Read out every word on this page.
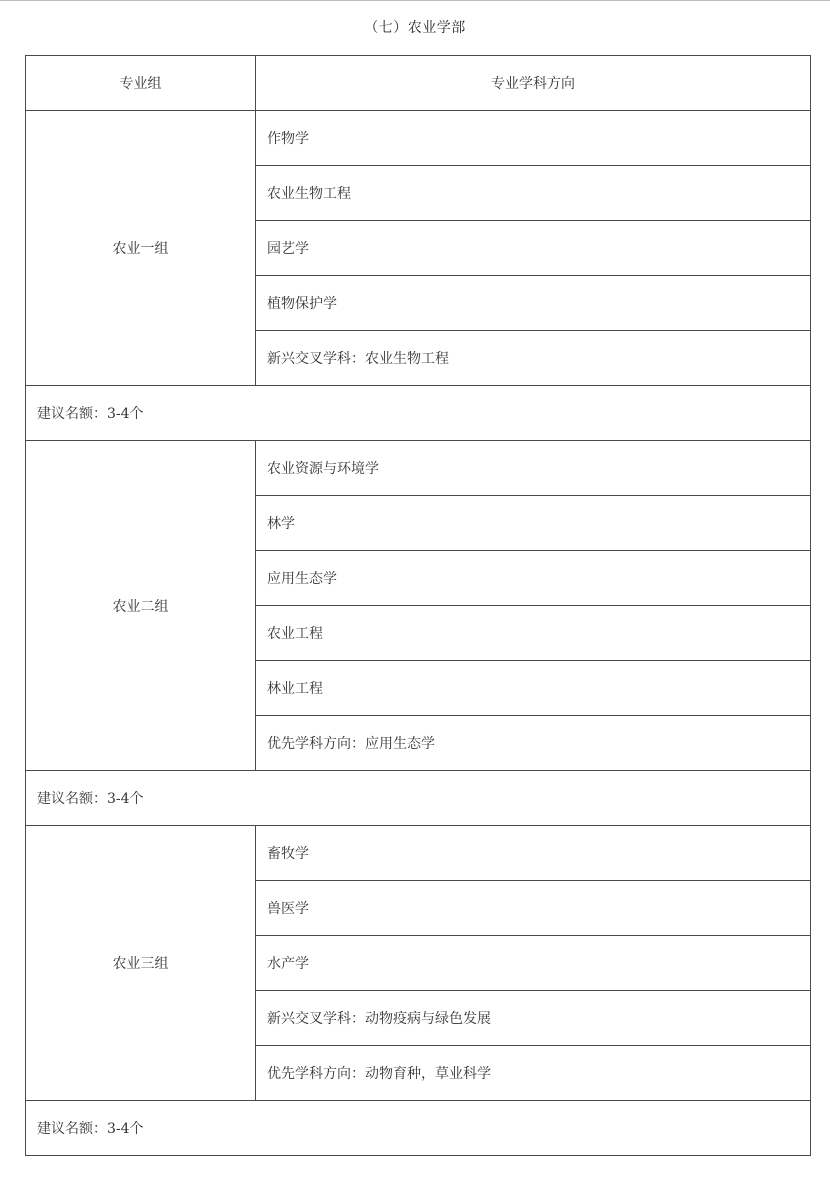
（七）农业学部
专业组	专业学科方向
农业一组	作物学
	农业生物工程
	园艺学
	植物保护学
	新兴交叉学科：农业生物工程
建议名额：3-4个	
农业二组	农业资源与环境学
	林学
	应用生态学
	农业工程
	林业工程
	优先学科方向：应用生态学
建议名额：3-4个	
农业三组	畜牧学
	兽医学
	水产学
	新兴交叉学科：动物疫病与绿色发展
	优先学科方向：动物育种，草业科学
建议名额：3-4个	
